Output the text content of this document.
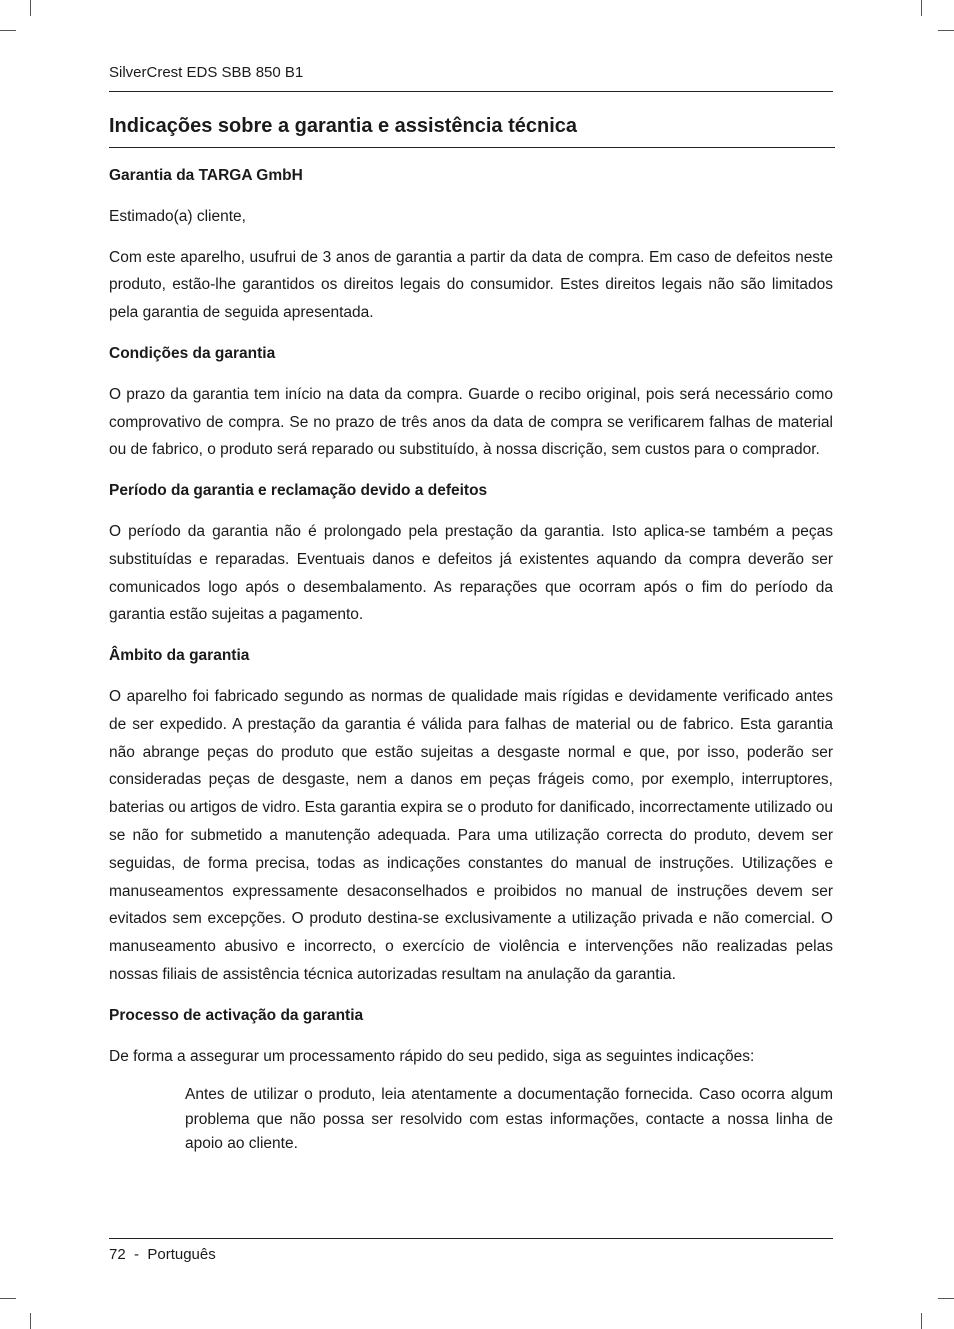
SilverCrest EDS SBB 850 B1
Indicações sobre a garantia e assistência técnica
Garantia da TARGA GmbH

Estimado(a) cliente,

Com este aparelho, usufrui de 3 anos de garantia a partir da data de compra. Em caso de defeitos neste produto, estão-lhe garantidos os direitos legais do consumidor. Estes direitos legais não são limitados pela garantia de seguida apresentada.

Condições da garantia

O prazo da garantia tem início na data da compra. Guarde o recibo original, pois será necessário como comprovativo de compra. Se no prazo de três anos da data de compra se verificarem falhas de material ou de fabrico, o produto será reparado ou substituído, à nossa discrição, sem custos para o comprador.

Período da garantia e reclamação devido a defeitos

O período da garantia não é prolongado pela prestação da garantia. Isto aplica-se também a peças substituídas e reparadas. Eventuais danos e defeitos já existentes aquando da compra deverão ser comunicados logo após o desembalamento. As reparações que ocorram após o fim do período da garantia estão sujeitas a pagamento.

Âmbito da garantia

O aparelho foi fabricado segundo as normas de qualidade mais rígidas e devidamente verificado antes de ser expedido. A prestação da garantia é válida para falhas de material ou de fabrico. Esta garantia não abrange peças do produto que estão sujeitas a desgaste normal e que, por isso, poderão ser consideradas peças de desgaste, nem a danos em peças frágeis como, por exemplo, interruptores, baterias ou artigos de vidro. Esta garantia expira se o produto for danificado, incorrectamente utilizado ou se não for submetido a manutenção adequada. Para uma utilização correcta do produto, devem ser seguidas, de forma precisa, todas as indicações constantes do manual de instruções. Utilizações e manuseamentos expressamente desaconselhados e proibidos no manual de instruções devem ser evitados sem excepções. O produto destina-se exclusivamente a utilização privada e não comercial. O manuseamento abusivo e incorrecto, o exercício de violência e intervenções não realizadas pelas nossas filiais de assistência técnica autorizadas resultam na anulação da garantia.

Processo de activação da garantia

De forma a assegurar um processamento rápido do seu pedido, siga as seguintes indicações:

Antes de utilizar o produto, leia atentamente a documentação fornecida. Caso ocorra algum problema que não possa ser resolvido com estas informações, contacte a nossa linha de apoio ao cliente.

72  -  Português
